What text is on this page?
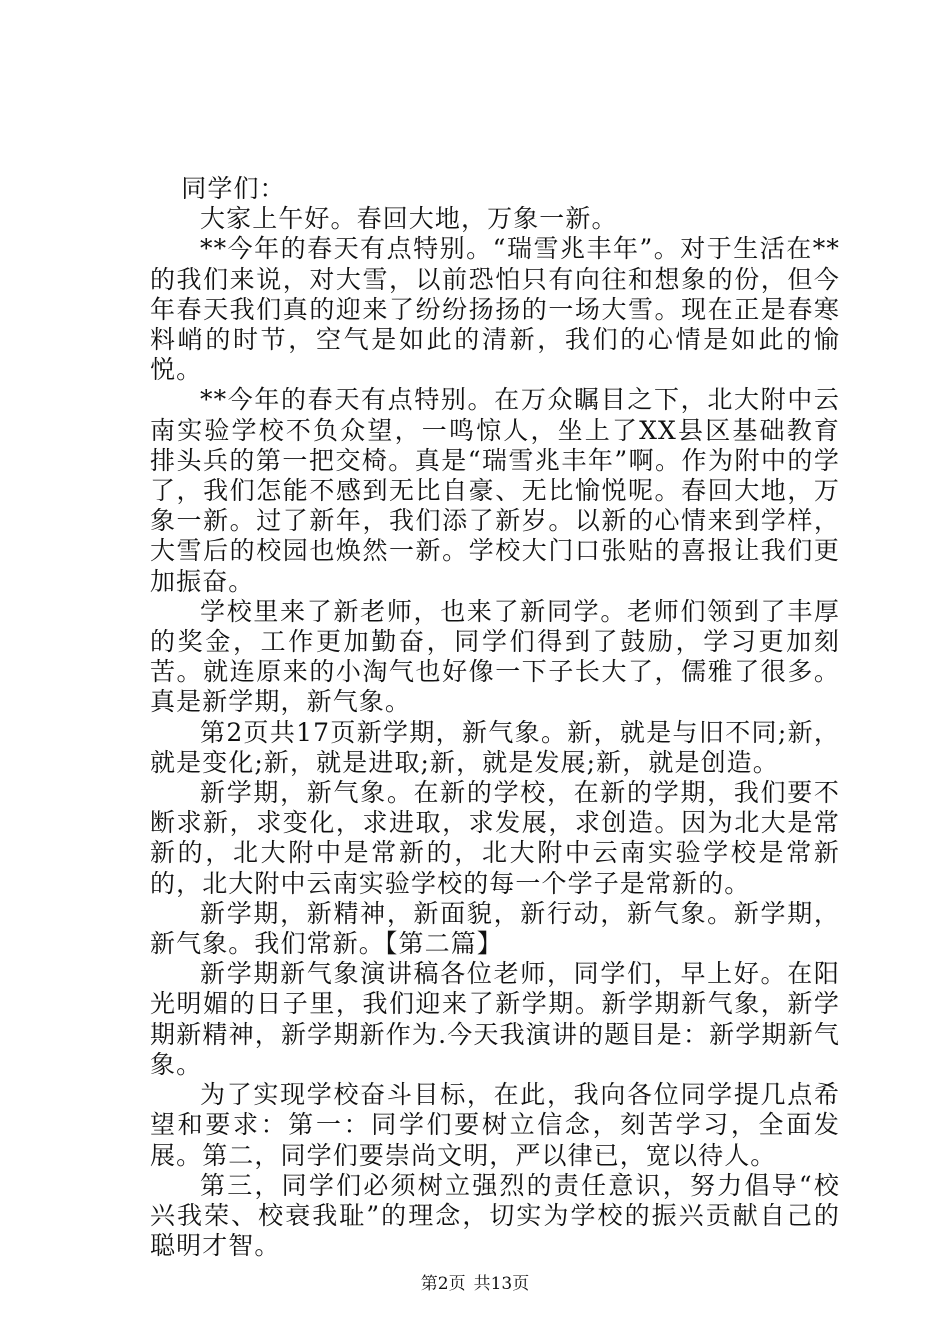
同学们：

大家上午好。春回大地，万象一新。

**今年的春天有点特别。“瑞雪兆丰年”。对于生活在**的我们来说，对大雪，以前恐怕只有向往和想象的份，但今年春天我们真的迎来了纷纷扬扬的一场大雪。现在正是春寒料峭的时节，空气是如此的清新，我们的心情是如此的愉悦。

**今年的春天有点特别。在万众瞩目之下，北大附中云南实验学校不负众望，一鸣惊人，坐上了XX县区基础教育排头兵的第一把交椅。真是“瑞雪兆丰年”啊。作为附中的学了，我们怎能不感到无比自豪、无比愉悦呢。春回大地，万象一新。过了新年，我们添了新岁。以新的心情来到学样，大雪后的校园也焕然一新。学校大门口张贴的喜报让我们更加振奋。

学校里来了新老师，也来了新同学。老师们领到了丰厚的奖金，工作更加勤奋，同学们得到了鼓励，学习更加刻苦。就连原来的小淘气也好像一下子长大了，儒雅了很多。真是新学期，新气象。

第2页共17页新学期，新气象。新，就是与旧不同;新，就是变化;新，就是进取;新，就是发展;新，就是创造。

新学期，新气象。在新的学校，在新的学期，我们要不断求新，求变化，求进取，求发展，求创造。因为北大是常新的，北大附中是常新的，北大附中云南实验学校是常新的，北大附中云南实验学校的每一个学子是常新的。

新学期，新精神，新面貌，新行动，新气象。新学期，新气象。我们常新。【第二篇】

新学期新气象演讲稿各位老师，同学们，早上好。在阳光明媚的日子里，我们迎来了新学期。新学期新气象，新学期新精神，新学期新作为.今天我演讲的题目是：新学期新气象。

为了实现学校奋斗目标，在此，我向各位同学提几点希望和要求：第一：同学们要树立信念，刻苦学习，全面发展。第二，同学们要崇尚文明，严以律已，宽以待人。

第三，同学们必须树立强烈的责任意识，努力倡导“校兴我荣、校衰我耻”的理念，切实为学校的振兴贡献自己的聪明才智。

第2页 共13页
